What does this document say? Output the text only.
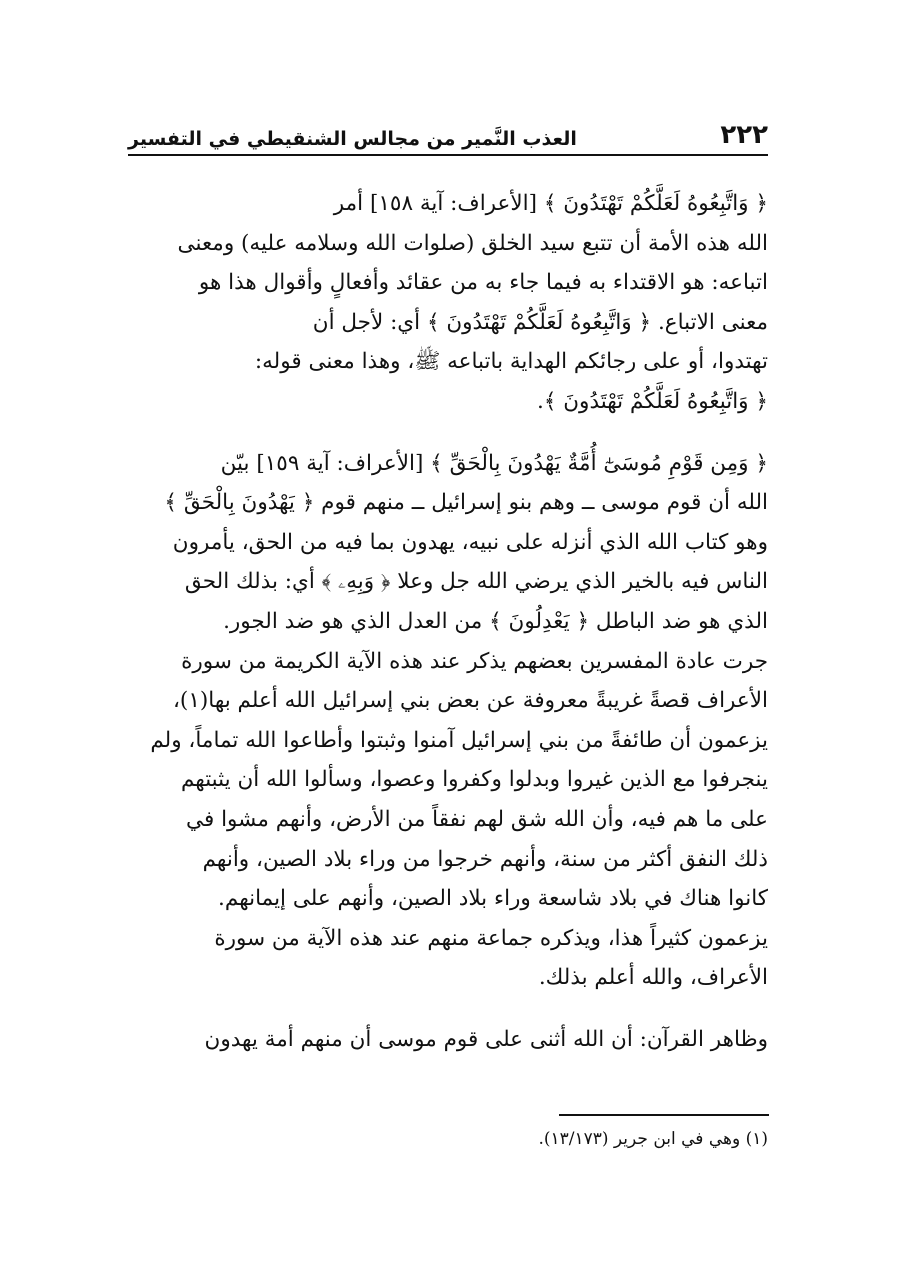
٢٢٢
العذب النَّمير من مجالس الشنقيطي في التفسير

﴿ وَاتَّبِعُوهُ لَعَلَّكُمْ تَهْتَدُونَ ﴾ [الأعراف: آية ١٥٨] أمر
الله هذه الأمة أن تتبع سيد الخلق (صلوات الله وسلامه عليه) ومعنى
اتباعه: هو الاقتداء به فيما جاء به من عقائد وأفعالٍ وأقوال هذا هو
معنى الاتباع. ﴿ وَاتَّبِعُوهُ لَعَلَّكُمْ تَهْتَدُونَ ﴾ أي: لأجل أن
تهتدوا، أو على رجائكم الهداية باتباعه ﷺ، وهذا معنى قوله:
﴿ وَاتَّبِعُوهُ لَعَلَّكُمْ تَهْتَدُونَ ﴾.

﴿ وَمِن قَوْمِ مُوسَىٰٓ أُمَّةٌ يَهْدُونَ بِالْحَقِّ ﴾ [الأعراف: آية ١٥٩] بيّن
الله أن قوم موسى ــ وهم بنو إسرائيل ــ منهم قوم ﴿ يَهْدُونَ بِالْحَقِّ ﴾
وهو كتاب الله الذي أنزله على نبيه، يهدون بما فيه من الحق، يأمرون
الناس فيه بالخير الذي يرضي الله جل وعلا ﴿ وَبِهِۦ ﴾ أي: بذلك الحق
الذي هو ضد الباطل ﴿ يَعْدِلُونَ ﴾ من العدل الذي هو ضد الجور.
جرت عادة المفسرين بعضهم يذكر عند هذه الآية الكريمة من سورة
الأعراف قصةً غريبةً معروفة عن بعض بني إسرائيل الله أعلم بها(١)،
يزعمون أن طائفةً من بني إسرائيل آمنوا وثبتوا وأطاعوا الله تماماً، ولم
ينجرفوا مع الذين غيروا وبدلوا وكفروا وعصوا، وسألوا الله أن يثبتهم
على ما هم فيه، وأن الله شق لهم نفقاً من الأرض، وأنهم مشوا في
ذلك النفق أكثر من سنة، وأنهم خرجوا من وراء بلاد الصين، وأنهم
كانوا هناك في بلاد شاسعة وراء بلاد الصين، وأنهم على إيمانهم.
يزعمون كثيراً هذا، ويذكره جماعة منهم عند هذه الآية من سورة
الأعراف، والله أعلم بذلك.

وظاهر القرآن: أن الله أثنى على قوم موسى أن منهم أمة يهدون

(١) وهي في ابن جرير (١٣/١٧٣).
